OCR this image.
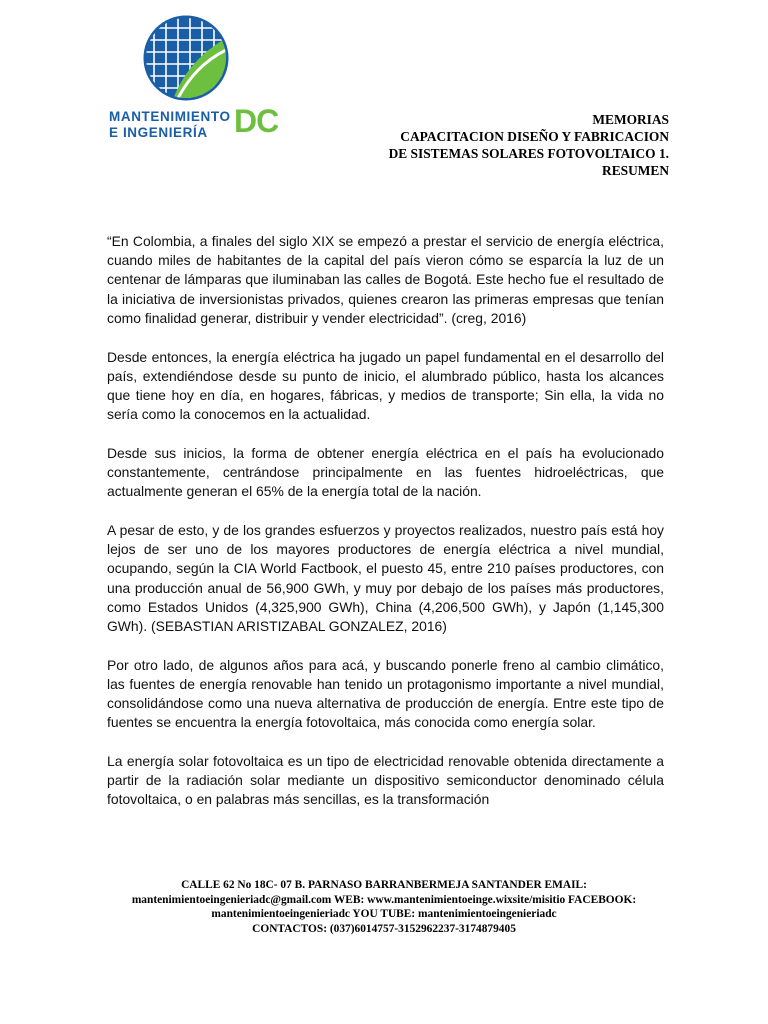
MANTENIMIENTO
E INGENIERÍA DC	MEMORIAS
CAPACITACION DISEÑO Y FABRICACION
DE SISTEMAS SOLARES FOTOVOLTAICO 1.
RESUMEN

“En Colombia, a finales del siglo XIX se empezó a prestar el servicio de energía eléctrica, cuando miles de habitantes de la capital del país vieron cómo se esparcía la luz de un centenar de lámparas que iluminaban las calles de Bogotá. Este hecho fue el resultado de la iniciativa de inversionistas privados, quienes crearon las primeras empresas que tenían como finalidad generar, distribuir y vender electricidad”. (creg, 2016)

Desde entonces, la energía eléctrica ha jugado un papel fundamental en el desarrollo del país, extendiéndose desde su punto de inicio, el alumbrado público, hasta los alcances que tiene hoy en día, en hogares, fábricas, y medios de transporte; Sin ella, la vida no sería como la conocemos en la actualidad.

Desde sus inicios, la forma de obtener energía eléctrica en el país ha evolucionado constantemente, centrándose principalmente en las fuentes hidroeléctricas, que actualmente generan el 65% de la energía total de la nación.

A pesar de esto, y de los grandes esfuerzos y proyectos realizados, nuestro país está hoy lejos de ser uno de los mayores productores de energía eléctrica a nivel mundial, ocupando, según la CIA World Factbook, el puesto 45, entre 210 países productores, con una producción anual de 56,900 GWh, y muy por debajo de los países más productores, como Estados Unidos (4,325,900 GWh), China (4,206,500 GWh), y Japón (1,145,300 GWh). (SEBASTIAN ARISTIZABAL GONZALEZ, 2016)

Por otro lado, de algunos años para acá, y buscando ponerle freno al cambio climático, las fuentes de energía renovable han tenido un protagonismo importante a nivel mundial, consolidándose como una nueva alternativa de producción de energía. Entre este tipo de fuentes se encuentra la energía fotovoltaica, más conocida como energía solar.

La energía solar fotovoltaica es un tipo de electricidad renovable obtenida directamente a partir de la radiación solar mediante un dispositivo semiconductor denominado célula fotovoltaica, o en palabras más sencillas, es la transformación

CALLE 62 No 18C- 07 B. PARNASO BARRANBERMEJA SANTANDER EMAIL:
mantenimientoeingenieriadc@gmail.com WEB: www.mantenimientoeinge.wixsite/misitio FACEBOOK:
mantenimientoeingenieriadc YOU TUBE: mantenimientoeingenieriadc
CONTACTOS: (037)6014757-3152962237-3174879405
